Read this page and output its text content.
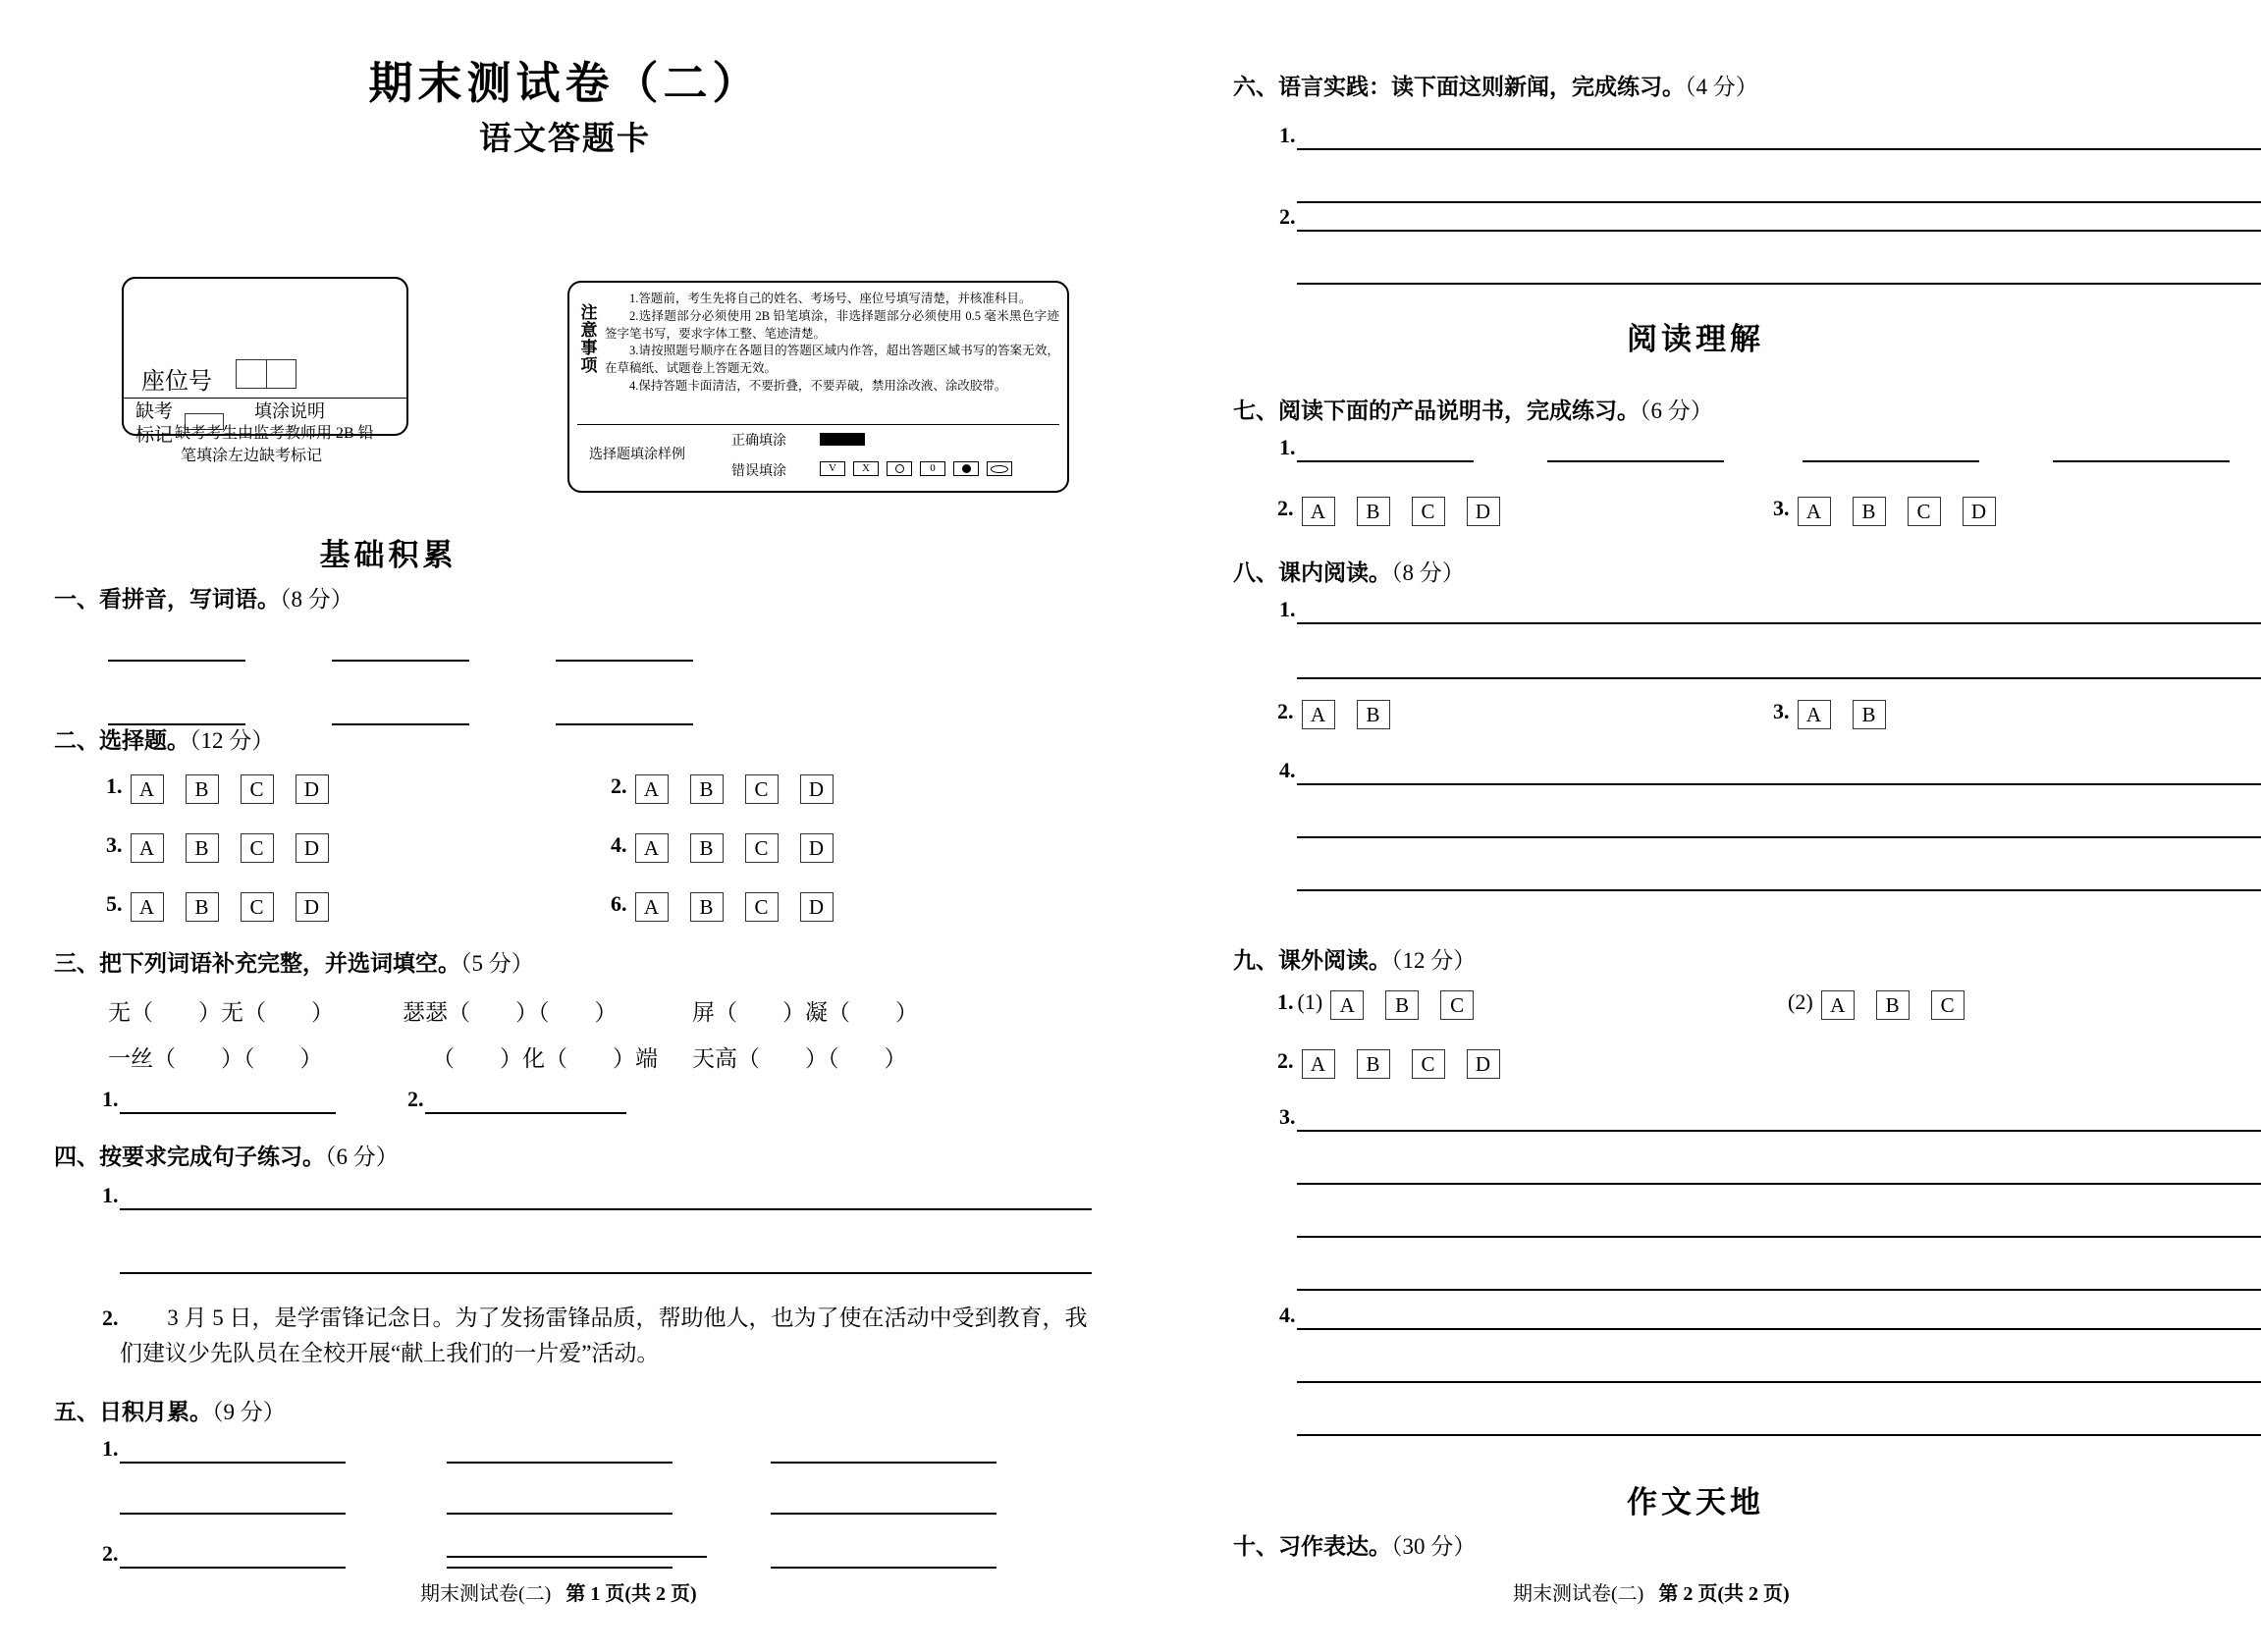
期末测试卷（二）
语文答题卡
座位号
缺考
标记
填涂说明
缺考考生由监考教师用 2B 铅
笔填涂左边缺考标记
注
意
事
项

1.答题前，考生先将自己的姓名、考场号、座位号填写清楚，并核准科目。

2.选择题部分必须使用 2B 铅笔填涂，非选择题部分必须使用 0.5 毫米黑色字迹签字笔书写，要求字体工整、笔迹清楚。

3.请按照题号顺序在各题目的答题区域内作答，超出答题区域书写的答案无效，在草稿纸、试题卷上答题无效。

4.保持答题卡面清洁，不要折叠，不要弄破，禁用涂改液、涂改胶带。

选择题填涂样例
正确填涂
错误填涂	V X	0

基础积累
一、看拼音，写词语。（8 分）
二、选择题。（12 分）
1. A B C D	2. A B C D
3. A B C D	4. A B C D
5. A B C D	6. A B C D
三、把下列词语补充完整，并选词填空。（5 分）
无（　　）无（　　）	瑟瑟（　　）（　　）	屏（　　）凝（　　）
一丝（　　）（　　）	（　　）化（　　）端 天高（　　）（　　）
1.	2.
四、按要求完成句子练习。（6 分）
1.
2.	3 月 5 日，是学雷锋记念日。为了发扬雷锋品质，帮助他人，也为了使在活动中受到教育，我们建议少先队员在全校开展“献上我们的一片爱”活动。
五、日积月累。（9 分）
1.
2.
期末测试卷(二) 第 1 页(共 2 页)
六、语言实践：读下面这则新闻，完成练习。（4 分）
1.
2.
阅读理解
七、阅读下面的产品说明书，完成练习。（6 分）
1.
2. A B C D	3. A B C D
八、课内阅读。（8 分）
1.
2. A B	3. A B
4.
九、课外阅读。（12 分）
1. (1) A B C	(2) A B C
2. A B C D
3.
4.
作文天地
十、习作表达。（30 分）
期末测试卷(二) 第 2 页(共 2 页)
